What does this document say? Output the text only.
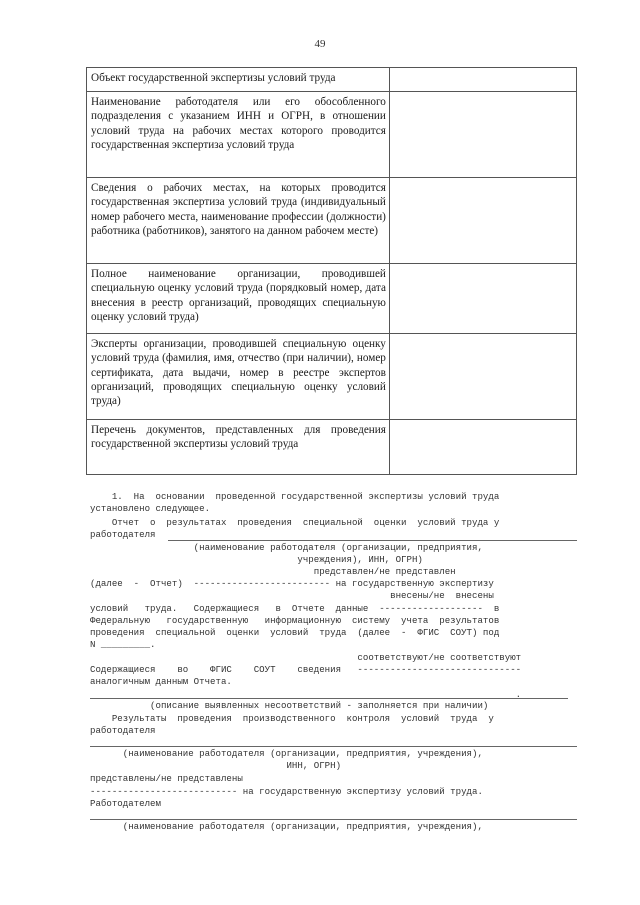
49
Объект государственной экспертизы условий труда	
Наименование работодателя или его обособленного подразделения с указанием ИНН и ОГРН, в отношении условий труда на рабочих местах которого проводится государственная экспертиза условий труда	
Сведения о рабочих местах, на которых проводится государственная экспертиза условий труда (индивидуальный номер рабочего места, наименование профессии (должности) работника (работников), занятого на данном рабочем месте)	
Полное наименование организации, проводившей специальную оценку условий труда (порядковый номер, дата внесения в реестр организаций, проводящих специальную оценку условий труда)	
Эксперты организации, проводившей специальную оценку условий труда (фамилия, имя, отчество (при наличии), номер сертификата, дата выдачи, номер в реестре экспертов организаций, проводящих специальную оценку условий труда)	
Перечень документов, представленных для проведения государственной экспертизы условий труда	
1.  На  основании  проведенной государственной экспертизы условий труда
установлено следующее.
Отчет  о  результатах  проведения  специальной  оценки  условий труда у
работодателя
(наименование работодателя (организации, предприятия,
учреждения), ИНН, ОГРН)
представлен/не представлен
(далее  -  Отчет)  ------------------------- на государственную экспертизу
внесены/не  внесены
условий   труда.   Содержащиеся   в  Отчете  данные  -------------------  в
Федеральную   государственную   информационную  систему  учета  результатов
проведения  специальной  оценки  условий  труда  (далее  -  ФГИС  СОУТ) под
N _________.
соответствуют/не соответствуют
Содержащиеся    во    ФГИС    СОУТ    сведения   ------------------------------
аналогичным данным Отчета.
.
(описание выявленных несоответствий - заполняется при наличии)
Результаты  проведения  производственного  контроля  условий  труда  у
работодателя
(наименование работодателя (организации, предприятия, учреждения),
ИНН, ОГРН)
представлены/не представлены
--------------------------- на государственную экспертизу условий труда.
Работодателем
(наименование работодателя (организации, предприятия, учреждения),
